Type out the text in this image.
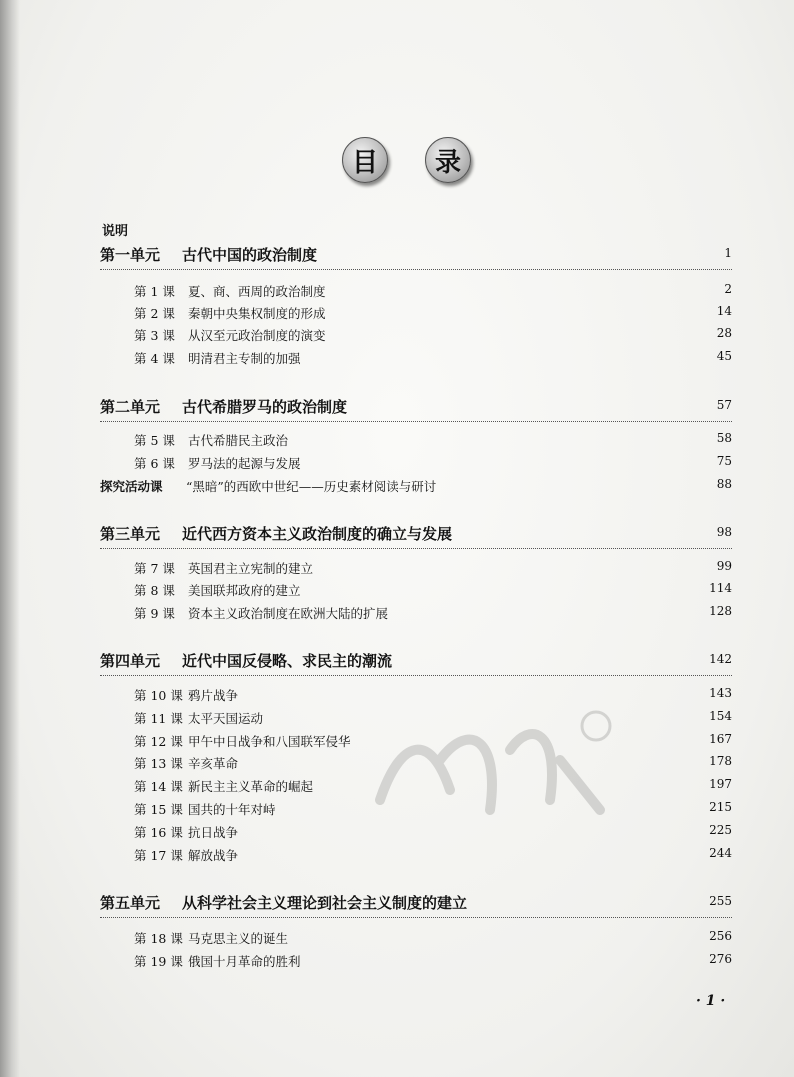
目	录
说明
第一单元 古代中国的政治制度	1
第 1 课 夏、商、西周的政治制度	2
第 2 课 秦朝中央集权制度的形成	14
第 3 课 从汉至元政治制度的演变	28
第 4 课 明清君主专制的加强	45
第二单元 古代希腊罗马的政治制度	57
第 5 课 古代希腊民主政治	58
第 6 课 罗马法的起源与发展	75
探究活动课 “黑暗”的西欧中世纪——历史素材阅读与研讨	88
第三单元 近代西方资本主义政治制度的确立与发展	98
第 7 课 英国君主立宪制的建立	99
第 8 课 美国联邦政府的建立	114
第 9 课 资本主义政治制度在欧洲大陆的扩展	128
第四单元 近代中国反侵略、求民主的潮流	142
第 10 课 鸦片战争	143
第 11 课 太平天国运动	154
第 12 课 甲午中日战争和八国联军侵华	167
第 13 课 辛亥革命	178
第 14 课 新民主主义革命的崛起	197
第 15 课 国共的十年对峙	215
第 16 课 抗日战争	225
第 17 课 解放战争	244
第五单元 从科学社会主义理论到社会主义制度的建立	255
第 18 课 马克思主义的诞生	256
第 19 课 俄国十月革命的胜利	276
· 1 ·
